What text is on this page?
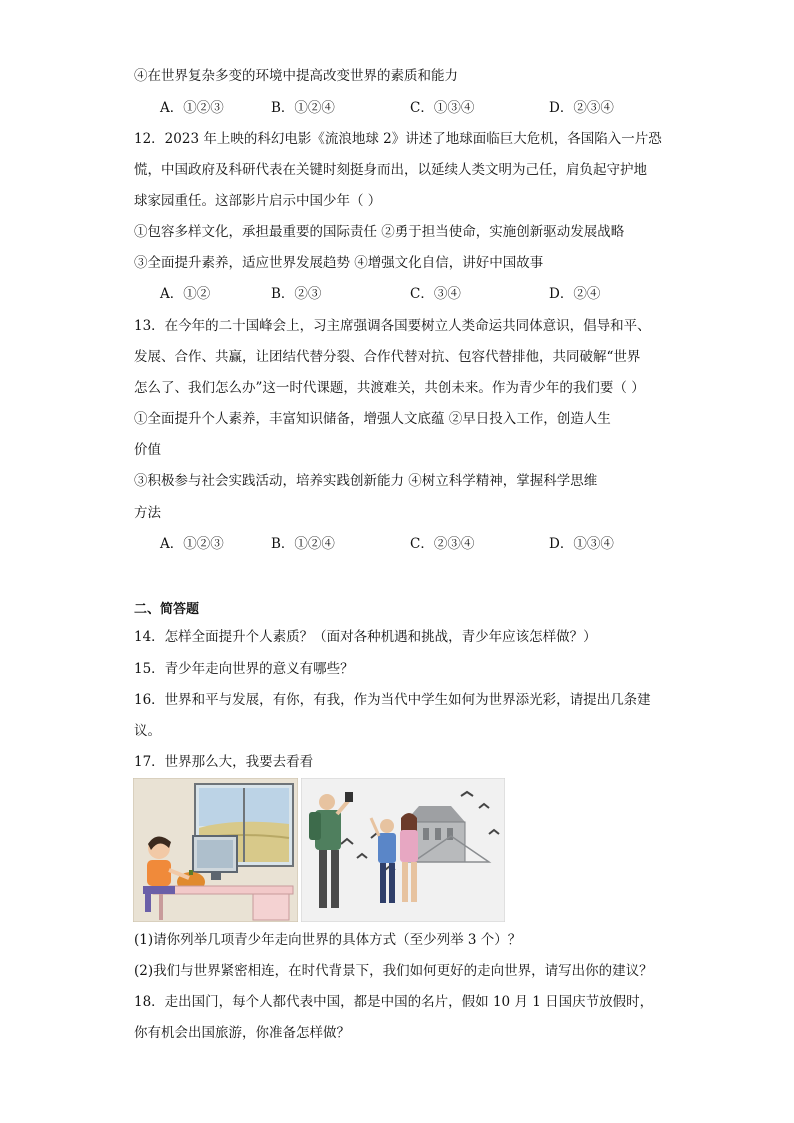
④在世界复杂多变的环境中提高改变世界的素质和能力
A．①②③	B．①②④	C．①③④	D．②③④
12．2023 年上映的科幻电影《流浪地球 2》讲述了地球面临巨大危机，各国陷入一片恐
慌，中国政府及科研代表在关键时刻挺身而出，以延续人类文明为己任，肩负起守护地
球家园重任。这部影片启示中国少年（ ）
①包容多样文化，承担最重要的国际责任 ②勇于担当使命，实施创新驱动发展战略
③全面提升素养，适应世界发展趋势 ④增强文化自信，讲好中国故事
A．①②	B．②③	C．③④	D．②④
13．在今年的二十国峰会上，习主席强调各国要树立人类命运共同体意识，倡导和平、
发展、合作、共赢，让团结代替分裂、合作代替对抗、包容代替排他，共同破解“世界
怎么了、我们怎么办”这一时代课题，共渡难关，共创未来。作为青少年的我们要（ ）
①全面提升个人素养，丰富知识储备，增强人文底蕴 ②早日投入工作，创造人生
价值
③积极参与社会实践活动，培养实践创新能力 ④树立科学精神，掌握科学思维
方法
A．①②③	B．①②④	C．②③④	D．①③④
二、简答题
14．怎样全面提升个人素质？（面对各种机遇和挑战，青少年应该怎样做？）
15．青少年走向世界的意义有哪些？
16．世界和平与发展，有你，有我，作为当代中学生如何为世界添光彩，请提出几条建
议。
17．世界那么大，我要去看看
(1)请你列举几项青少年走向世界的具体方式（至少列举 3 个）？
(2)我们与世界紧密相连，在时代背景下，我们如何更好的走向世界，请写出你的建议？
18．走出国门，每个人都代表中国，都是中国的名片，假如 10 月 1 日国庆节放假时，
你有机会出国旅游，你准备怎样做？
